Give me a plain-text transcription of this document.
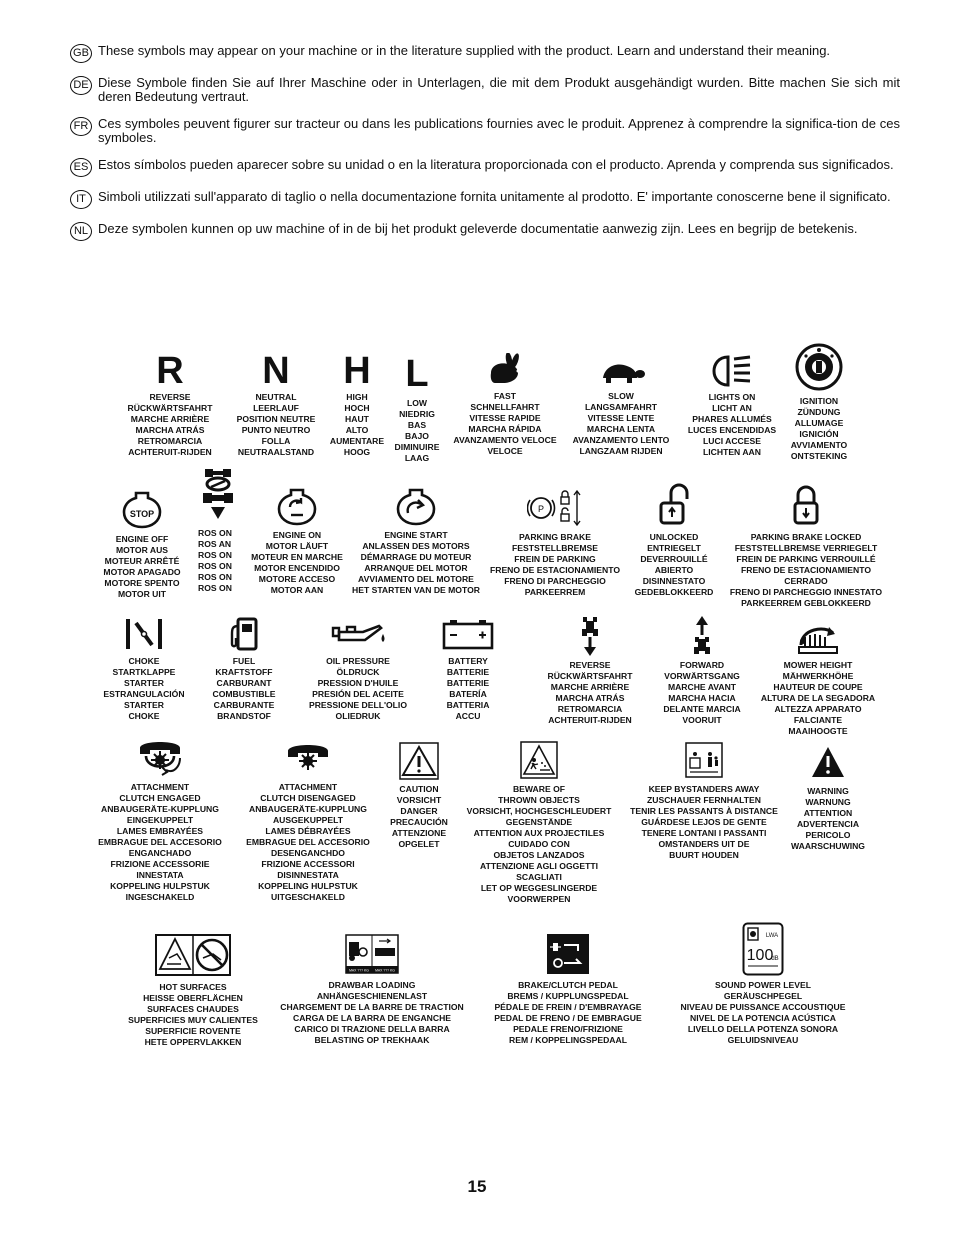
GB These symbols may appear on your machine or in the literature supplied with the product. Learn and understand their meaning.
DE Diese Symbole finden Sie auf Ihrer Maschine oder in Unterlagen, die mit dem Produkt ausgehändigt wurden. Bitte machen Sie sich mit deren Bedeutung vertraut.
FR Ces symboles peuvent figurer sur tracteur ou dans les publications fournies avec le produit. Apprenez à comprendre la significa-tion de ces symboles.
ES Estos símbolos pueden aparecer sobre su unidad o en la literatura proporcionada con el producto. Aprenda y comprenda sus significados.
IT Simboli utilizzati sull'apparato di taglio o nella documentazione fornita unitamente al prodotto. E' importante conoscerne bene il significato.
NL Deze symbolen kunnen op uw machine of in de bij het produkt geleverde documentatie aanwezig zijn. Lees en begrijp de betekenis.
R
REVERSE
RÜCKWÄRTSFAHRT
MARCHE ARRIÈRE
MARCHA ATRÁS
RETROMARCIA
ACHTERUIT-RIJDEN
N
NEUTRAL
LEERLAUF
POSITION NEUTRE
PUNTO NEUTRO
FOLLA
NEUTRAALSTAND
H
HIGH
HOCH
HAUT
ALTO
AUMENTARE
HOOG
L
LOW
NIEDRIG
BAS
BAJO
DIMINUIRE
LAAG
FAST
SCHNELLFAHRT
VITESSE RAPIDE
MARCHA RÁPIDA
AVANZAMENTO VELOCE
VELOCE
SLOW
LANGSAMFAHRT
VITESSE LENTE
MARCHA LENTA
AVANZAMENTO LENTO
LANGZAAM RIJDEN
LIGHTS ON
LICHT AN
PHARES ALLUMÉS
LUCES ENCENDIDAS
LUCI ACCESE
LICHTEN AAN
IGNITION
ZÜNDUNG
ALLUMAGE
IGNICIÓN
AVVIAMENTO
ONTSTEKING
STOP
ENGINE OFF
MOTOR AUS
MOTEUR ARRÊTÉ
MOTOR APAGADO
MOTORE SPENTO
MOTOR UIT
ROS ON
ROS AN
ROS ON
ROS ON
ROS ON
ROS ON
ENGINE ON
MOTOR LÄUFT
MOTEUR EN MARCHE
MOTOR ENCENDIDO
MOTORE ACCESO
MOTOR AAN
ENGINE START
ANLASSEN DES MOTORS
DÉMARRAGE DU MOTEUR
ARRANQUE DEL MOTOR
AVVIAMENTO DEL MOTORE
HET STARTEN VAN DE MOTOR
P
PARKING BRAKE
FESTSTELLBREMSE
FREIN DE PARKING
FRENO DE ESTACIONAMIENTO
FRENO DI PARCHEGGIO
PARKEERREM
UNLOCKED
ENTRIEGELT
DEVERROUILLÉ
ABIERTO
DISINNESTATO
GEDEBLOKKEERD
PARKING BRAKE LOCKED
FESTSTELLBREMSE VERRIEGELT
FREIN DE PARKING VERROUILLÉ
FRENO DE ESTACIONAMIENTO
CERRADO
FRENO DI PARCHEGGIO INNESTATO
PARKEERREM GEBLOKKEERD
CHOKE
STARTKLAPPE
STARTER
ESTRANGULACIÓN
STARTER
CHOKE
FUEL
KRAFTSTOFF
CARBURANT
COMBUSTIBLE
CARBURANTE
BRANDSTOF
OIL PRESSURE
ÖLDRUCK
PRESSION D'HUILE
PRESIÓN DEL ACEITE
PRESSIONE DELL'OLIO
OLIEDRUK
BATTERY
BATTERIE
BATTERIE
BATERÍA
BATTERIA
ACCU
REVERSE
RÜCKWÄRTSFAHRT
MARCHE ARRIÈRE
MARCHA ATRÁS
RETROMARCIA
ACHTERUIT-RIJDEN
FORWARD
VORWÄRTSGANG
MARCHE AVANT
MARCHA HACIA
DELANTE MARCIA
VOORUIT
MOWER HEIGHT
MÄHWERKHÖHE
HAUTEUR DE COUPE
ALTURA DE LA SEGADORA
ALTEZZA APPARATO
FALCIANTE
MAAIHOOGTE
ATTACHMENT
CLUTCH ENGAGED
ANBAUGERÄTE-KUPPLUNG
EINGEKUPPELT
LAMES EMBRAYÉES
EMBRAGUE DEL ACCESORIO
ENGANCHADO
FRIZIONE ACCESSORIE
INNESTATA
KOPPELING HULPSTUK
INGESCHAKELD
ATTACHMENT
CLUTCH DISENGAGED
ANBAUGERÄTE-KUPPLUNG
AUSGEKUPPELT
LAMES DÉBRAYÉES
EMBRAGUE DEL ACCESORIO
DESENGANCHDO
FRIZIONE ACCESSORI
DISINNESTATA
KOPPELING HULPSTUK
UITGESCHAKELD
CAUTION
VORSICHT
DANGER
PRECAUCIÓN
ATTENZIONE
OPGELET
BEWARE OF
THROWN OBJECTS
VORSICHT, HOCHGESCHLEUDERT
GEGENSTÄNDE
ATTENTION AUX PROJECTILES
CUIDADO CON
OBJETOS LANZADOS
ATTENZIONE AGLI OGGETTI
SCAGLIATI
LET OP WEGGESLINGERDE
VOORWERPEN
KEEP BYSTANDERS AWAY
ZUSCHAUER FERNHALTEN
TENIR LES PASSANTS À DISTANCE
GUÁRDESE LEJOS DE GENTE
TENERE LONTANI I PASSANTI
OMSTANDERS UIT DE
BUURT HOUDEN
WARNING
WARNUNG
ATTENTION
ADVERTENCIA
PERICOLO
WAARSCHUWING
HOT SURFACES
HEISSE OBERFLÄCHEN
SURFACES CHAUDES
SUPERFICIES MUY CALIENTES
SUPERFICIE ROVENTE
HETE OPPERVLAKKEN
MAX ??? KG MAX ??? KG
DRAWBAR LOADING
ANHÄNGESCHIENENLAST
CHARGEMENT DE LA BARRE DE TRACTION
CARGA DE LA BARRA DE ENGANCHE
CARICO DI TRAZIONE DELLA BARRA
BELASTING OP TREKHAAK
BRAKE/CLUTCH PEDAL
BREMS / KUPPLUNGSPEDAL
PÉDALE DE FREIN / D'EMBRAYAGE
PEDAL DE FRENO / DE EMBRAGUE
PEDALE FRENO/FRIZIONE
REM / KOPPELINGSPEDAAL
LWA
100
dB
SOUND POWER LEVEL
GERÄUSCHPEGEL
NIVEAU DE PUISSANCE ACCOUSTIQUE
NIVEL DE LA POTENCIA ACÚSTICA
LIVELLO DELLA POTENZA SONORA
GELUIDSNIVEAU
15
